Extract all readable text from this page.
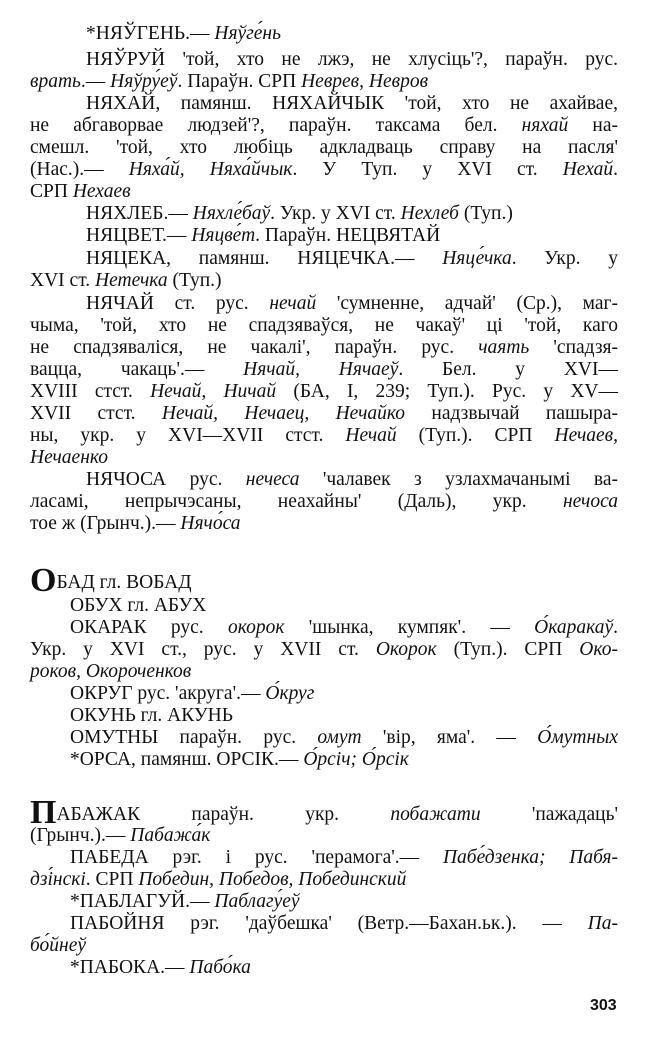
*НЯЎГЕНЬ.— Няўге́нь
НЯЎРУЙ 'той, хто не лжэ, не хлусіць'?, параўн. рус.
врать.— Няўру́еў. Параўн. СРП Неврев, Невров
НЯХАЙ, памянш. НЯХАЙЧЫК 'той, хто не ахайвае,
не абгаворвае людзей'?, параўн. таксама бел. няхай на-
смешл. 'той, хто любіць адкладваць справу на пасля'
(Нас.).— Няха́й, Няха́йчык. У Туп. у XVI ст. Нехай.
СРП Нехаев
НЯХЛЕБ.— Няхле́баў. Укр. у XVI ст. Нехлеб (Туп.)
НЯЦВЕТ.— Няцве́т. Параўн. НЕЦВЯТАЙ
НЯЦЕКА, памянш. НЯЦЕЧКА.— Няце́чка. Укр. у
XVI ст. Нетечка (Туп.)
НЯЧАЙ ст. рус. нечай 'сумненне, адчай' (Ср.), маг-
чыма, 'той, хто не спадзяваўся, не чакаў' ці 'той, каго
не спадзяваліся, не чакалі', параўн. рус. чаять 'спадзя-
вацца, чакаць'.— Нячай, Нячаеў. Бел. у XVI—
XVIII стст. Нечай, Ничай (БА, I, 239; Туп.). Рус. у XV—
XVII стст. Нечай, Нечаец, Нечайко надзвычай пашыра-
ны, укр. у XVI—XVII стст. Нечай (Туп.). СРП Нечаев,
Нечаенко
НЯЧОСА рус. нечеса 'чалавек з узлахмачанымі ва-
ласамі, непрычэсаны, неахайны' (Даль), укр. нечоса
тое ж (Грынч.).— Нячо́са
ОБАД гл. ВОБАД
ОБУХ гл. АБУХ
ОКАРАК рус. окорок 'шынка, кумпяк'. — О́каракаў.
Укр. у XVI ст., рус. у XVII ст. Окорок (Туп.). СРП Око-
роков, Окороченков
ОКРУГ рус. 'акруга'.— О́круг
ОКУНЬ гл. АКУНЬ
ОМУТНЫ параўн. рус. омут 'вір, яма'. — О́мутных
*ОРСА, памянш. ОРСІК.— О́рсіч; О́рсік
ПАБАЖАК параўн. укр. побажати 'пажадаць'
(Грынч.).— Пабажа́к
ПАБЕДА рэг. і рус. 'перамога'.— Пабе́дзенка; Пабя-
дзі́нскі. СРП Победин, Победов, Побединский
*ПАБЛАГУЙ.— Паблагу́еў
ПАБОЙНЯ рэг. 'даўбешка' (Ветр.—Бахан.ьк.). — Па-
бо́йнеў
*ПАБОКА.— Пабо́ка
303
